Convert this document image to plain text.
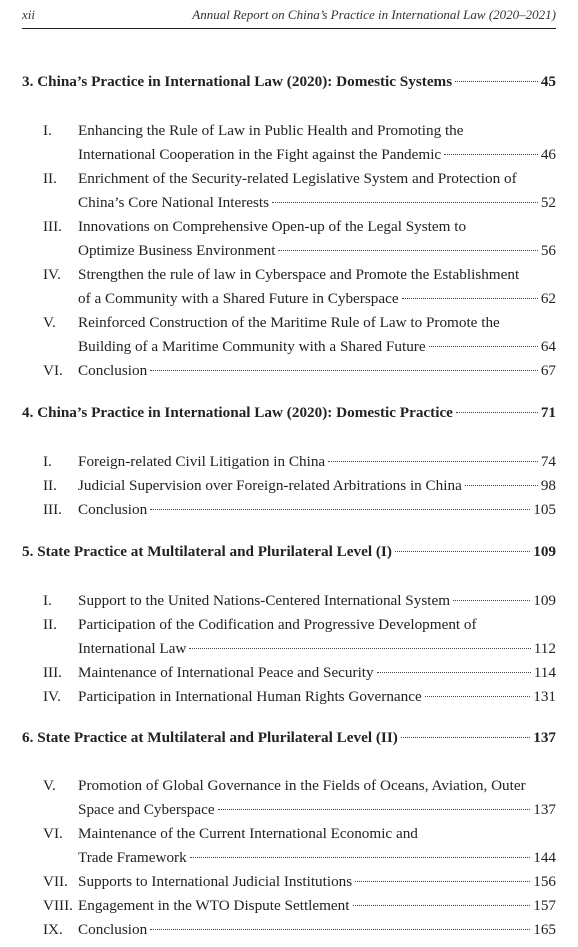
xii	Annual Report on China’s Practice in International Law (2020–2021)
3. China’s Practice in International Law (2020): Domestic Systems	45
I. Enhancing the Rule of Law in Public Health and Promoting the
International Cooperation in the Fight against the Pandemic	46
II. Enrichment of the Security-related Legislative System and Protection of
China’s Core National Interests	52
III. Innovations on Comprehensive Open-up of the Legal System to
Optimize Business Environment	56
IV. Strengthen the rule of law in Cyberspace and Promote the Establishment
of a Community with a Shared Future in Cyberspace	62
V. Reinforced Construction of the Maritime Rule of Law to Promote the
Building of a Maritime Community with a Shared Future	64
VI. Conclusion	67
4. China’s Practice in International Law (2020): Domestic Practice	71
I. Foreign-related Civil Litigation in China	74
II. Judicial Supervision over Foreign-related Arbitrations in China	98
III. Conclusion	105
5. State Practice at Multilateral and Plurilateral Level (I)	109
I. Support to the United Nations-Centered International System	109
II. Participation of the Codification and Progressive Development of
International Law	112
III. Maintenance of International Peace and Security	114
IV. Participation in International Human Rights Governance	131
6. State Practice at Multilateral and Plurilateral Level (II)	137
V. Promotion of Global Governance in the Fields of Oceans, Aviation, Outer
Space and Cyberspace	137
VI. Maintenance of the Current International Economic and
Trade Framework	144
VII. Supports to International Judicial Institutions	156
VIII. Engagement in the WTO Dispute Settlement	157
IX. Conclusion	165
